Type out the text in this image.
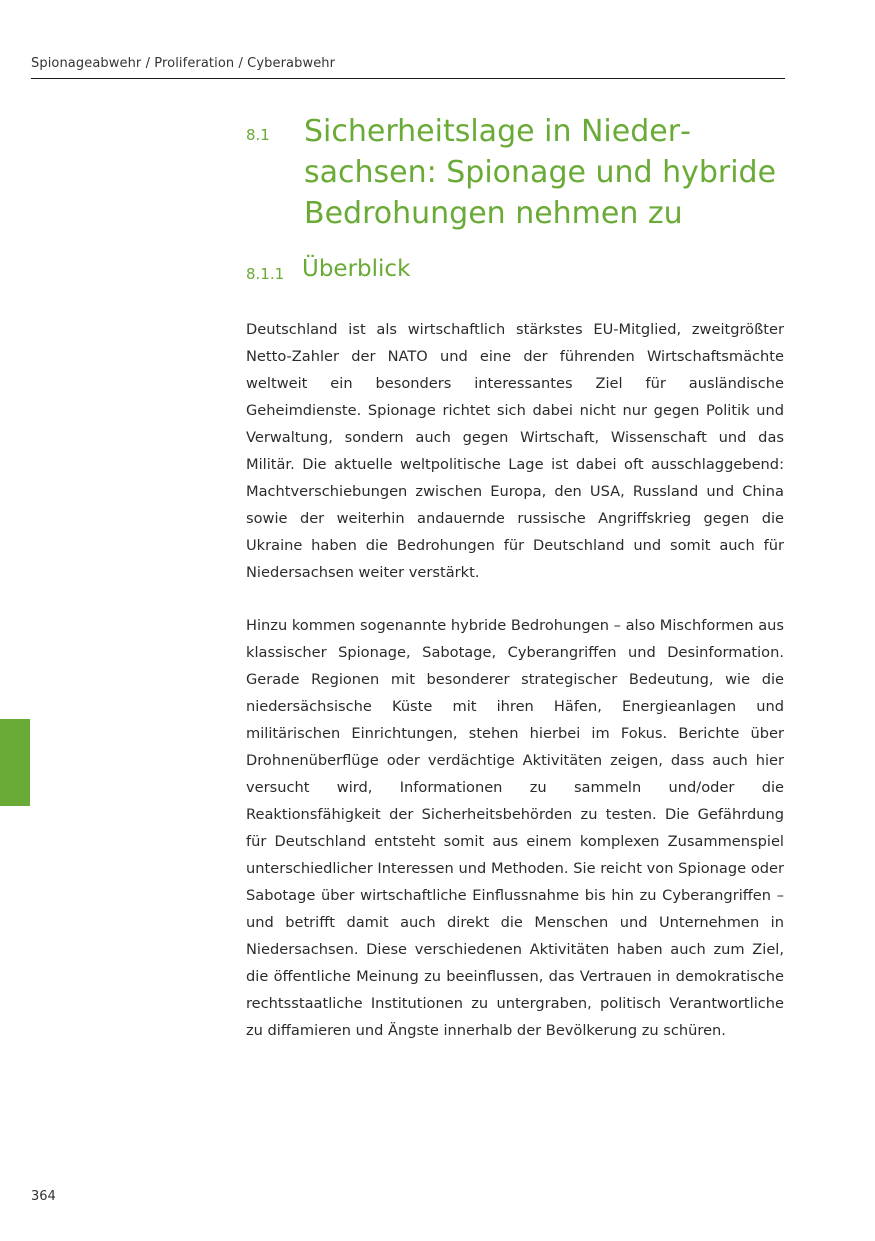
Spionageabwehr / Proliferation / Cyberabwehr
8.1 Sicherheitslage in Niedersachsen: Spionage und hybride Bedrohungen nehmen zu
8.1.1 Überblick

Deutschland ist als wirtschaftlich stärkstes EU-Mitglied, zweitgrößter Netto-Zahler der NATO und eine der führenden Wirtschaftsmächte weltweit ein besonders interessantes Ziel für ausländische Geheimdienste. Spionage richtet sich dabei nicht nur gegen Politik und Verwaltung, sondern auch gegen Wirtschaft, Wissenschaft und das Militär. Die aktuelle weltpolitische Lage ist dabei oft ausschlaggebend: Machtverschiebungen zwischen Europa, den USA, Russland und China sowie der weiterhin andauernde russische Angriffskrieg gegen die Ukraine haben die Bedrohungen für Deutschland und somit auch für Niedersachsen weiter verstärkt.

Hinzu kommen sogenannte hybride Bedrohungen – also Mischformen aus klassischer Spionage, Sabotage, Cyberangriffen und Desinformation. Gerade Regionen mit besonderer strategischer Bedeutung, wie die niedersächsische Küste mit ihren Häfen, Energieanlagen und militärischen Einrichtungen, stehen hierbei im Fokus. Berichte über Drohnenüberflüge oder verdächtige Aktivitäten zeigen, dass auch hier versucht wird, Informationen zu sammeln und/oder die Reaktionsfähigkeit der Sicherheitsbehörden zu testen. Die Gefährdung für Deutschland entsteht somit aus einem komplexen Zusammenspiel unterschiedlicher Interessen und Methoden. Sie reicht von Spionage oder Sabotage über wirtschaftliche Einflussnahme bis hin zu Cyberangriffen – und betrifft damit auch direkt die Menschen und Unternehmen in Niedersachsen. Diese verschiedenen Aktivitäten haben auch zum Ziel, die öffentliche Meinung zu beeinflussen, das Vertrauen in demokratische rechtsstaatliche Institutionen zu untergraben, politisch Verantwortliche zu diffamieren und Ängste innerhalb der Bevölkerung zu schüren.

364
